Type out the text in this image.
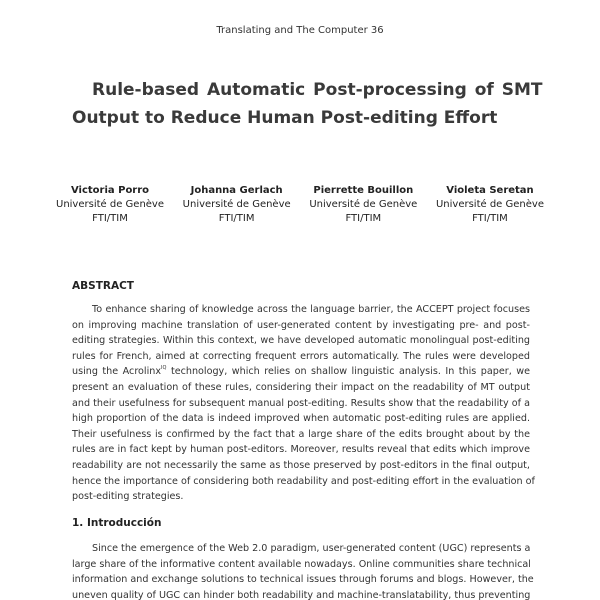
Translating and The Computer 36
Rule-based Automatic Post-processing of SMT
Output to Reduce Human Post-editing Effort
Victoria Porro
Université de Genève
FTI/TIM
Johanna Gerlach
Université de Genève
FTI/TIM
Pierrette Bouillon
Université de Genève
FTI/TIM
Violeta Seretan
Université de Genève
FTI/TIM
ABSTRACT
To enhance sharing of knowledge across the language barrier, the ACCEPT project focuses
on improving machine translation of user-generated content by investigating pre- and post-
editing strategies. Within this context, we have developed automatic monolingual post-editing
rules for French, aimed at correcting frequent errors automatically. The rules were developed
using the Acrolinx$^{IQ}$ technology, which relies on shallow linguistic analysis. In this paper, we
present an evaluation of these rules, considering their impact on the readability of MT output
and their usefulness for subsequent manual post-editing. Results show that the readability of a
high proportion of the data is indeed improved when automatic post-editing rules are applied.
Their usefulness is confirmed by the fact that a large share of the edits brought about by the
rules are in fact kept by human post-editors. Moreover, results reveal that edits which improve
readability are not necessarily the same as those preserved by post-editors in the final output,
hence the importance of considering both readability and post-editing effort in the evaluation of
post-editing strategies.
1. Introducción
Since the emergence of the Web 2.0 paradigm, user-generated content (UGC) represents a
large share of the informative content available nowadays. Online communities share technical
information and exchange solutions to technical issues through forums and blogs. However, the
uneven quality of UGC can hinder both readability and machine-translatability, thus preventing
